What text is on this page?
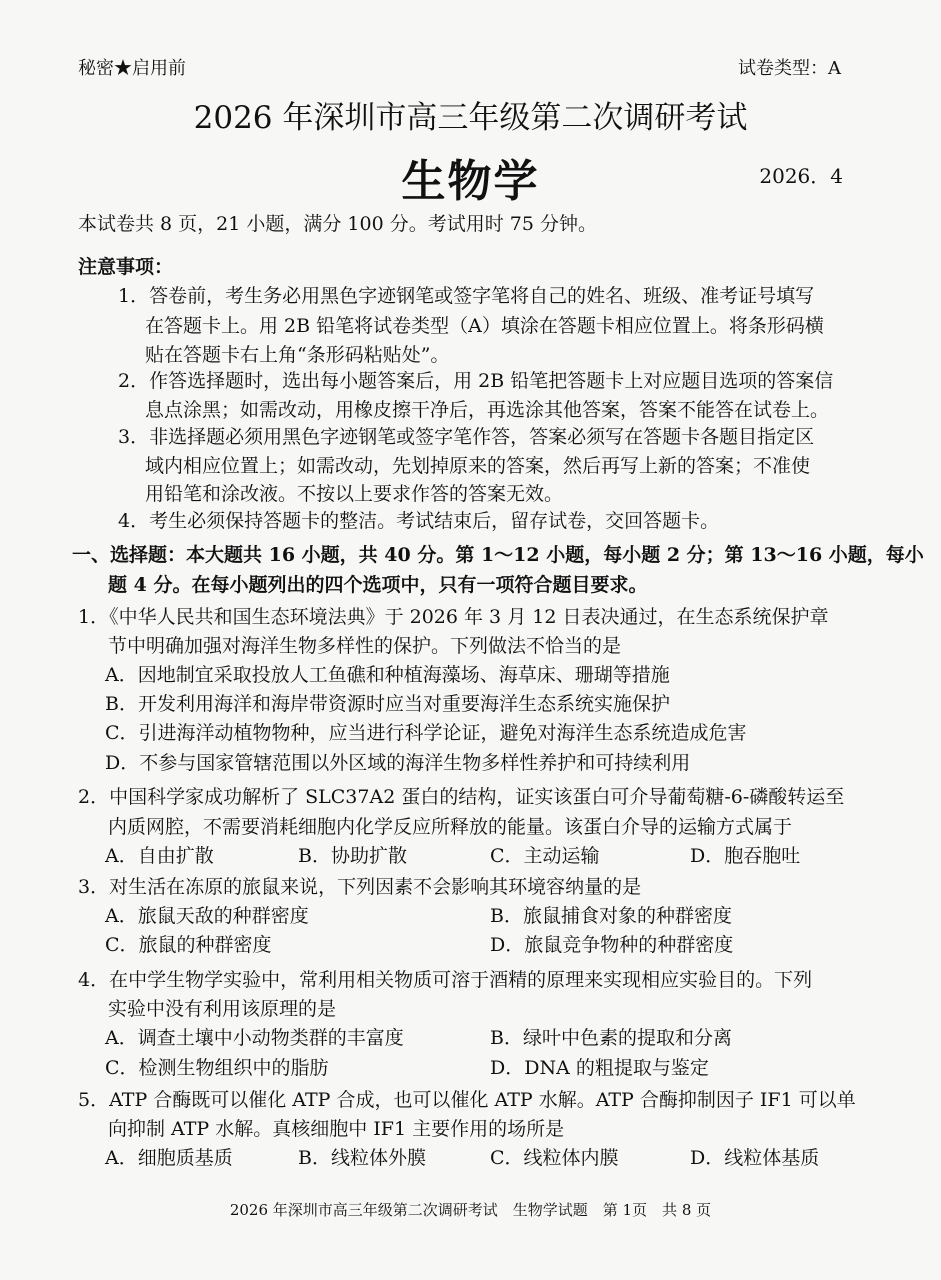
秘密★启用前	试卷类型：A
2026 年深圳市高三年级第二次调研考试
生物学	2026．4
本试卷共 8 页，21 小题，满分 100 分。考试用时 75 分钟。
注意事项：
1．答卷前，考生务必用黑色字迹钢笔或签字笔将自己的姓名、班级、准考证号填写
在答题卡上。用 2B 铅笔将试卷类型（A）填涂在答题卡相应位置上。将条形码横
贴在答题卡右上角“条形码粘贴处”。
2．作答选择题时，选出每小题答案后，用 2B 铅笔把答题卡上对应题目选项的答案信
息点涂黑；如需改动，用橡皮擦干净后，再选涂其他答案，答案不能答在试卷上。
3．非选择题必须用黑色字迹钢笔或签字笔作答，答案必须写在答题卡各题目指定区
域内相应位置上；如需改动，先划掉原来的答案，然后再写上新的答案；不准使
用铅笔和涂改液。不按以上要求作答的答案无效。
4．考生必须保持答题卡的整洁。考试结束后，留存试卷，交回答题卡。
一、选择题：本大题共 16 小题，共 40 分。第 1～12 小题，每小题 2 分；第 13～16 小题，每小
题 4 分。在每小题列出的四个选项中，只有一项符合题目要求。
1．《中华人民共和国生态环境法典》于 2026 年 3 月 12 日表决通过，在生态系统保护章
节中明确加强对海洋生物多样性的保护。下列做法不恰当的是
A．因地制宜采取投放人工鱼礁和种植海藻场、海草床、珊瑚等措施
B．开发利用海洋和海岸带资源时应当对重要海洋生态系统实施保护
C．引进海洋动植物物种，应当进行科学论证，避免对海洋生态系统造成危害
D．不参与国家管辖范围以外区域的海洋生物多样性养护和可持续利用
2．中国科学家成功解析了 SLC37A2 蛋白的结构，证实该蛋白可介导葡萄糖-6-磷酸转运至
内质网腔，不需要消耗细胞内化学反应所释放的能量。该蛋白介导的运输方式属于
A．自由扩散	B．协助扩散	C．主动运输	D．胞吞胞吐
3．对生活在冻原的旅鼠来说，下列因素不会影响其环境容纳量的是
A．旅鼠天敌的种群密度	B．旅鼠捕食对象的种群密度
C．旅鼠的种群密度	D．旅鼠竞争物种的种群密度
4．在中学生物学实验中，常利用相关物质可溶于酒精的原理来实现相应实验目的。下列
实验中没有利用该原理的是
A．调查土壤中小动物类群的丰富度	B．绿叶中色素的提取和分离
C．检测生物组织中的脂肪	D．DNA 的粗提取与鉴定
5．ATP 合酶既可以催化 ATP 合成，也可以催化 ATP 水解。ATP 合酶抑制因子 IF1 可以单
向抑制 ATP 水解。真核细胞中 IF1 主要作用的场所是
A．细胞质基质	B．线粒体外膜	C．线粒体内膜	D．线粒体基质
2026 年深圳市高三年级第二次调研考试　生物学试题　第 1页　共 8 页
